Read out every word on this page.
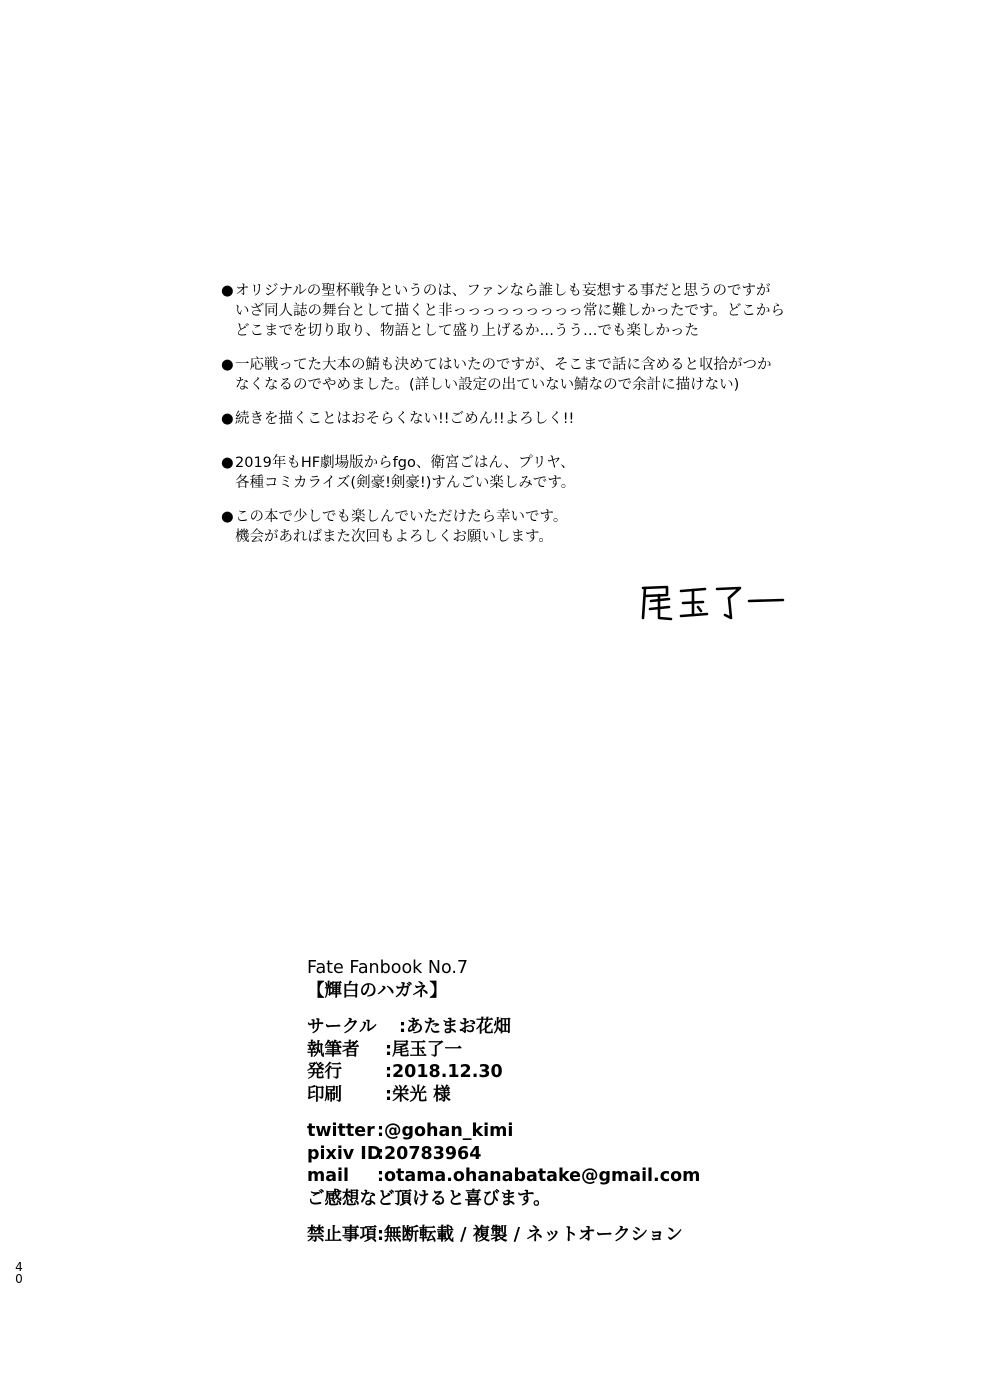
●オリジナルの聖杯戦争というのは、ファンなら誰しも妄想する事だと思うのですが
いざ同人誌の舞台として描くと非っっっっっっっっっ常に難しかったです。どこから
どこまでを切り取り、物語として盛り上げるか…うう…でも楽しかった
●一応戦ってた大本の鯖も決めてはいたのですが、そこまで話に含めると収拾がつか
なくなるのでやめました。(詳しい設定の出ていない鯖なので余計に描けない)
●続きを描くことはおそらくない!!ごめん!!よろしく!!
●2019年もHF劇場版からfgo、衛宮ごはん、プリヤ、
各種コミカライズ(剣豪!剣豪!)すんごい楽しみです。
●この本で少しでも楽しんでいただけたら幸いです。
機会があればまた次回もよろしくお願いします。
Fate Fanbook No.7
【輝白のハガネ】
サークル :あたまお花畑
執筆者 :尾玉了一
発行 :2018.12.30
印刷 :栄光 様
twitter :@gohan_kimi
pixiv ID:20783964
mail :otama.ohanabatake@gmail.com
ご感想など頂けると喜びます。
禁止事項:無断転載 / 複製 / ネットオークション
4
0
